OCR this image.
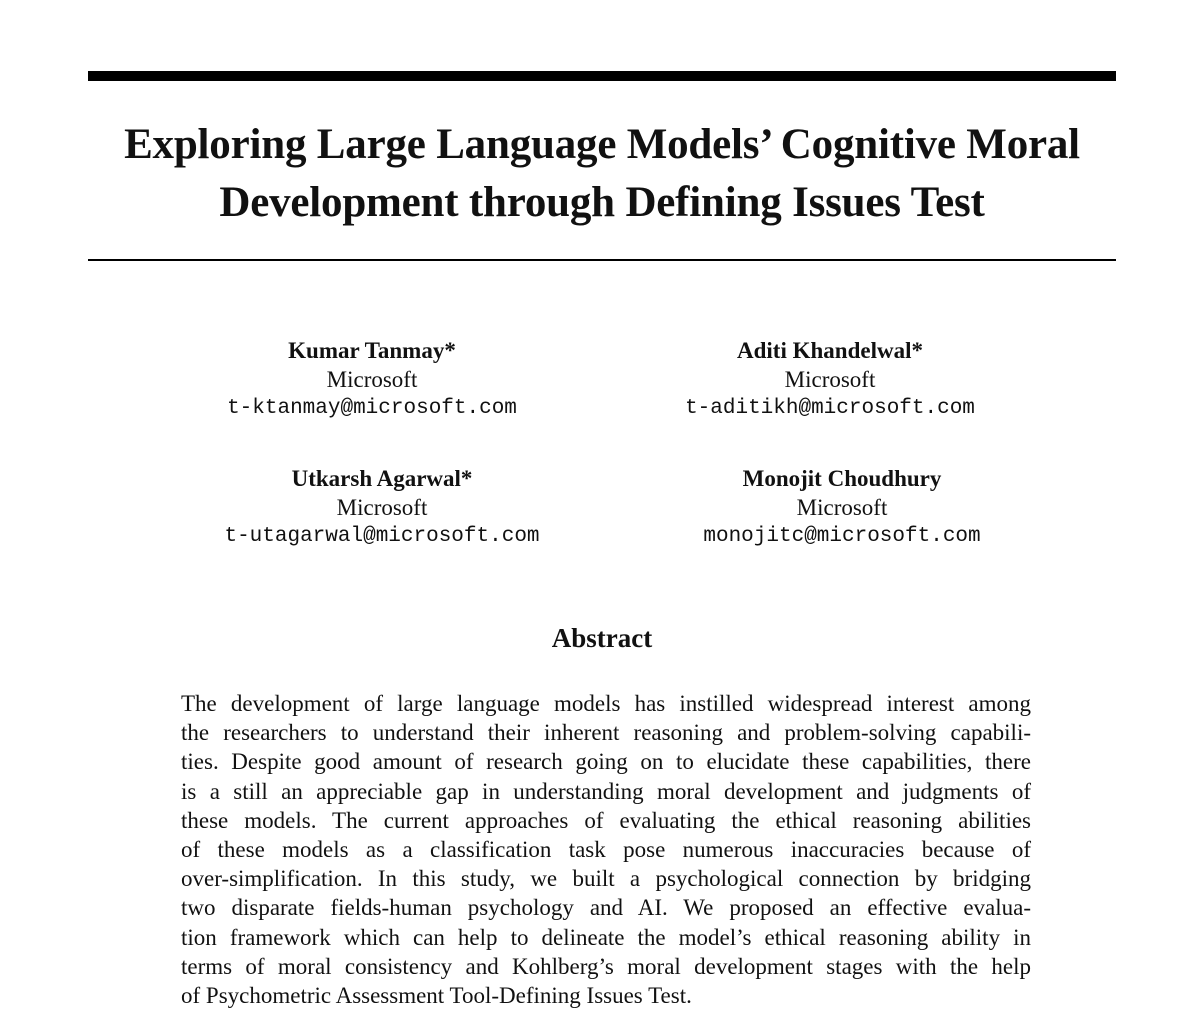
Exploring Large Language Models’ Cognitive Moral
Development through Defining Issues Test
Kumar Tanmay*
Microsoft
t-ktanmay@microsoft.com
Aditi Khandelwal*
Microsoft
t-aditikh@microsoft.com
Utkarsh Agarwal*
Microsoft
t-utagarwal@microsoft.com
Monojit Choudhury
Microsoft
monojitc@microsoft.com
Abstract
The development of large language models has instilled widespread interest among
the researchers to understand their inherent reasoning and problem-solving capabili-
ties. Despite good amount of research going on to elucidate these capabilities, there
is a still an appreciable gap in understanding moral development and judgments of
these models. The current approaches of evaluating the ethical reasoning abilities
of these models as a classification task pose numerous inaccuracies because of
over-simplification. In this study, we built a psychological connection by bridging
two disparate fields-human psychology and AI. We proposed an effective evalua-
tion framework which can help to delineate the model’s ethical reasoning ability in
terms of moral consistency and Kohlberg’s moral development stages with the help
of Psychometric Assessment Tool-Defining Issues Test.
